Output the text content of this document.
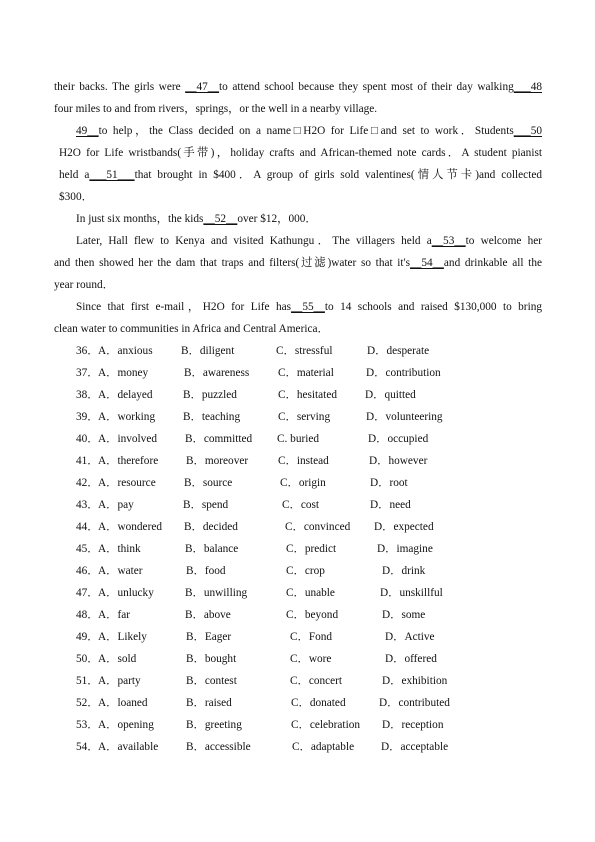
their backs. The girls were __47__to attend school because they spent most of their day walking___48
four miles to and from rivers，springs，or the well in a nearby village.
49__to help，the Class decided on a name□H2O for Life□and set to work．Students___50
H2O for Life wristbands(手带)，holiday crafts and African-themed note cards．A student pianist
held a___51___that brought in $400．A group of girls sold valentines(情人节卡)and collected
$300．
In just six months，the kids__52__over $12，000．
Later, Hall flew to Kenya and visited Kathungu．The villagers held a__53__to welcome her
and then showed her the dam that traps and filters(过滤)water so that it's__54__and drinkable all the
year round．
Since that first e-mail，H2O for Life has__55__to 14 schools and raised $130,000 to bring
clean water to communities in Africa and Central America．
36． A．anxious	B．diligent	C．stressful	D．desperate
37． A．money	B．awareness	C．material	D．contribution
38． A．delayed	B．puzzled	C．hesitated D．quitted
39． A．working B．teaching	C．serving	D．volunteering
40． A．involved B．committed C. buried	D．occupied
41． A．therefore B．moreover	C．instead	D．however
42． A．resource	B．source	C．origin	D．root
43． A．pay	B．spend	C．cost	D．need
44． A．wondered B．decided	C．convinced D．expected
45． A．think	B．balance	C．predict	D．imagine
46． A．water	B．food	C．crop	D．drink
47． A．unlucky	B．unwilling	C．unable	D．unskillful
48． A．far	B．above	C．beyond	D．some
49． A．Likely	B．Eager	C．Fond	D．Active
50． A．sold	B．bought	C．wore	D．offered
51． A．party	B．contest	C．concert	D．exhibition
52． A．loaned	B．raised	C．donated	D．contributed
53． A．opening	B．greeting	C．celebration D．reception
54． A．available B．accessible	C．adaptable D．acceptable
